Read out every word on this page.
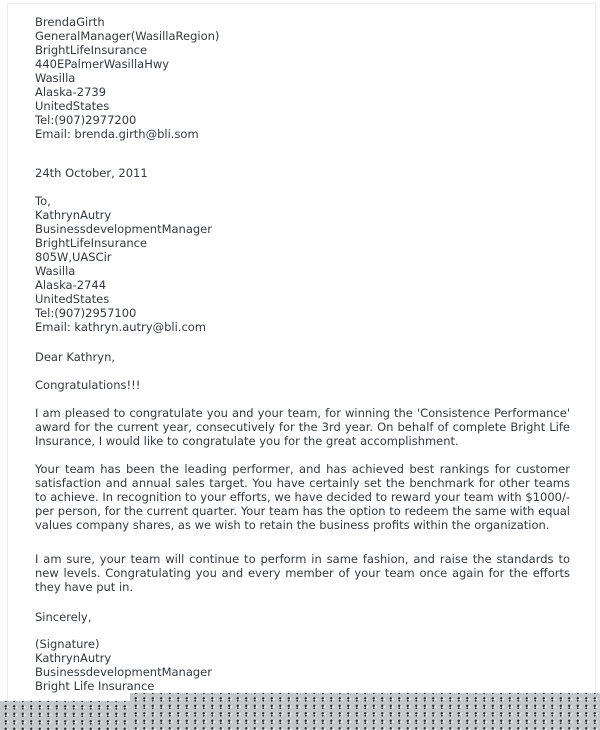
BrendaGirth
GeneralManager(WasillaRegion)
BrightLifeInsurance
440EPalmerWasillaHwy
Wasilla
Alaska-2739
UnitedStates
Tel:(907)2977200
Email: brenda.girth@bli.som
24th October, 2011
To,
KathrynAutry
BusinessdevelopmentManager
BrightLifeInsurance
805W,UASCir
Wasilla
Alaska-2744
UnitedStates
Tel:(907)2957100
Email: kathryn.autry@bli.com
Dear Kathryn,
Congratulations!!!

I am pleased to congratulate you and your team, for winning the 'Consistence Performance' award for the current year, consecutively for the 3rd year. On behalf of complete Bright Life Insurance, I would like to congratulate you for the great accomplishment.

Your team has been the leading performer, and has achieved best rankings for customer satisfaction and annual sales target. You have certainly set the benchmark for other teams to achieve. In recognition to your efforts, we have decided to reward your team with $1000/- per person, for the current quarter. Your team has the option to redeem the same with equal values company shares, as we wish to retain the business profits within the organization.

I am sure, your team will continue to perform in same fashion, and raise the standards to new levels. Congratulating you and every member of your team once again for the efforts they have put in.

Sincerely,
(Signature)
KathrynAutry
BusinessdevelopmentManager
Bright Life Insurance
